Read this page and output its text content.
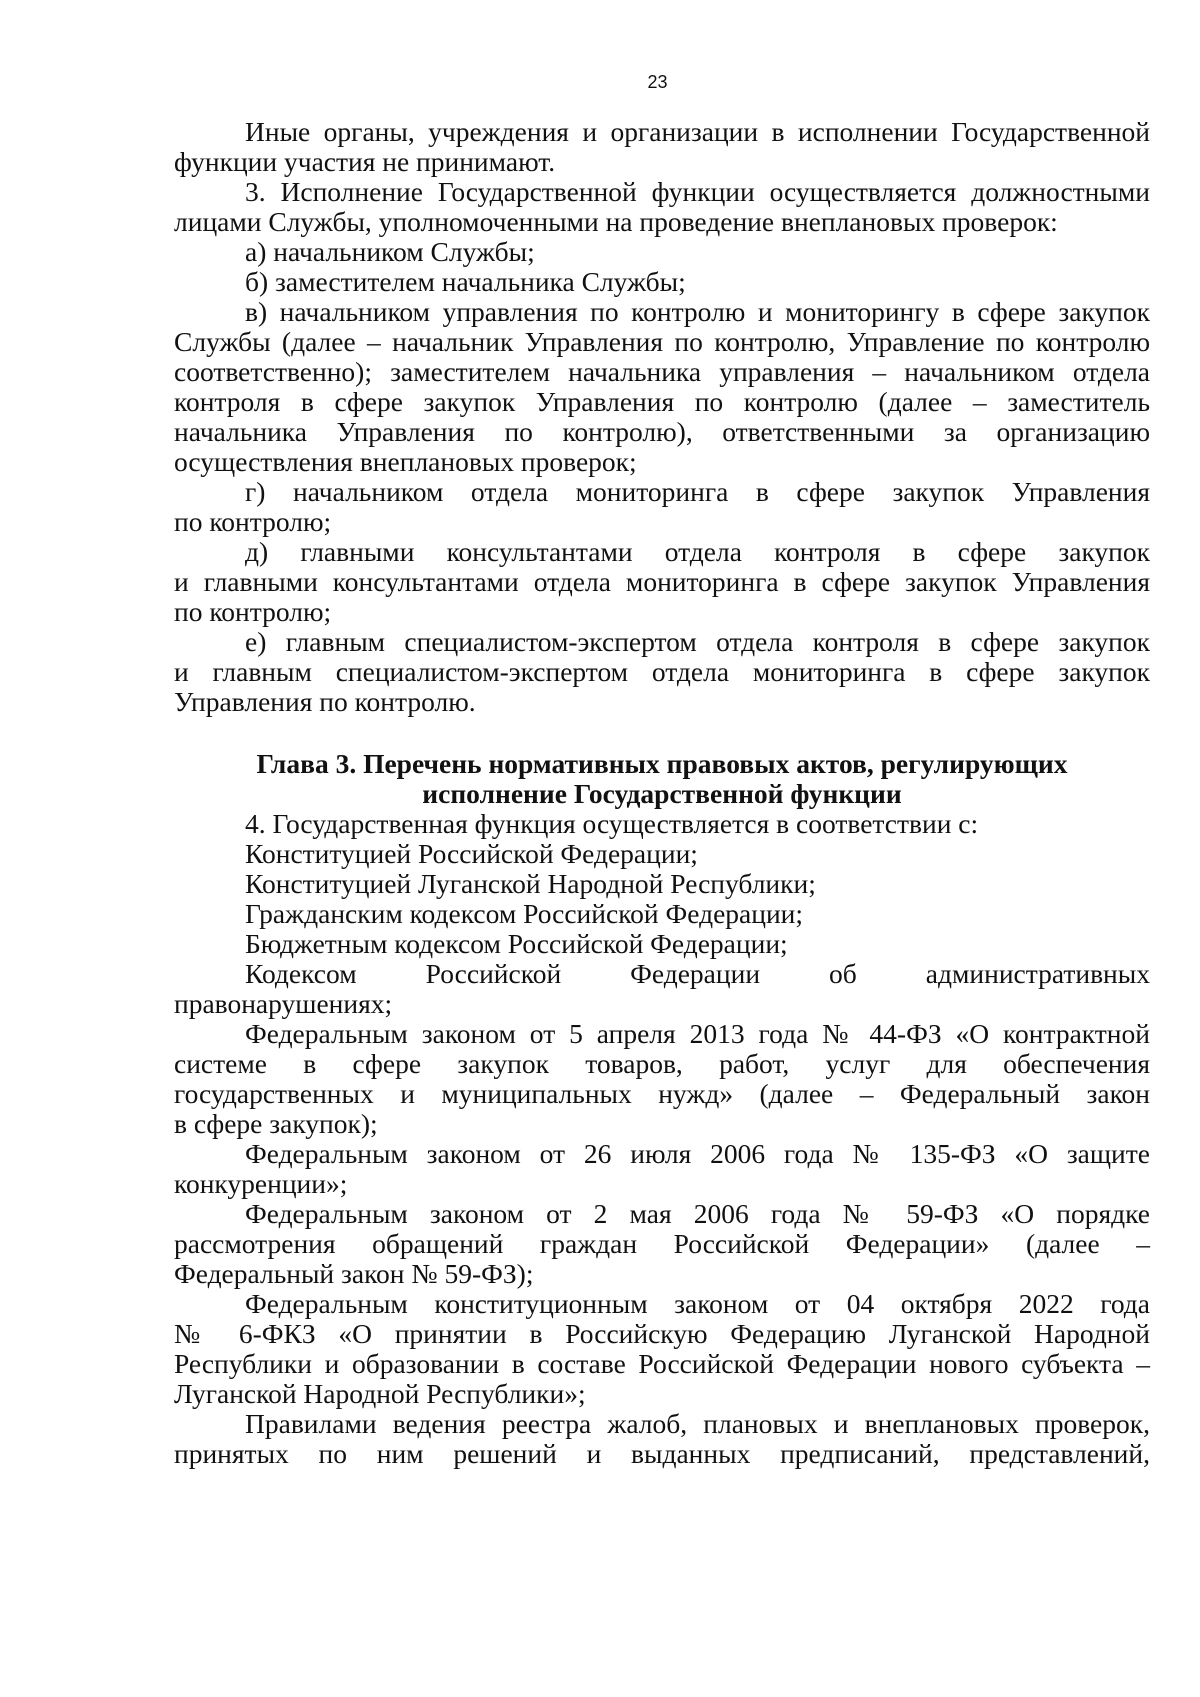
23
Иные органы, учреждения и организации в исполнении Государственной
функции участия не принимают.
3. Исполнение Государственной функции осуществляется должностными
лицами Службы, уполномоченными на проведение внеплановых проверок:
а) начальником Службы;
б) заместителем начальника Службы;
в) начальником управления по контролю и мониторингу в сфере закупок
Службы (далее – начальник Управления по контролю, Управление по контролю
соответственно); заместителем начальника управления – начальником отдела
контроля в сфере закупок Управления по контролю (далее – заместитель
начальника Управления по контролю), ответственными за организацию
осуществления внеплановых проверок;
г) начальником отдела мониторинга в сфере закупок Управления
по контролю;
д) главными консультантами отдела контроля в сфере закупок
и главными консультантами отдела мониторинга в сфере закупок Управления
по контролю;
е) главным специалистом-экспертом отдела контроля в сфере закупок
и главным специалистом-экспертом отдела мониторинга в сфере закупок
Управления по контролю.
Глава 3. Перечень нормативных правовых актов, регулирующих
исполнение Государственной функции
4. Государственная функция осуществляется в соответствии с:
Конституцией Российской Федерации;
Конституцией Луганской Народной Республики;
Гражданским кодексом Российской Федерации;
Бюджетным кодексом Российской Федерации;
Кодексом Российской Федерации об административных
правонарушениях;
Федеральным законом от 5 апреля 2013 года № 44-ФЗ «О контрактной
системе в сфере закупок товаров, работ, услуг для обеспечения
государственных и муниципальных нужд» (далее – Федеральный закон
в сфере закупок);
Федеральным законом от 26 июля 2006 года № 135-ФЗ «О защите
конкуренции»;
Федеральным законом от 2 мая 2006 года № 59-ФЗ «О порядке
рассмотрения обращений граждан Российской Федерации» (далее –
Федеральный закон № 59-ФЗ);
Федеральным конституционным законом от 04 октября 2022 года
№ 6-ФКЗ «О принятии в Российскую Федерацию Луганской Народной
Республики и образовании в составе Российской Федерации нового субъекта –
Луганской Народной Республики»;
Правилами ведения реестра жалоб, плановых и внеплановых проверок,
принятых по ним решений и выданных предписаний, представлений,
